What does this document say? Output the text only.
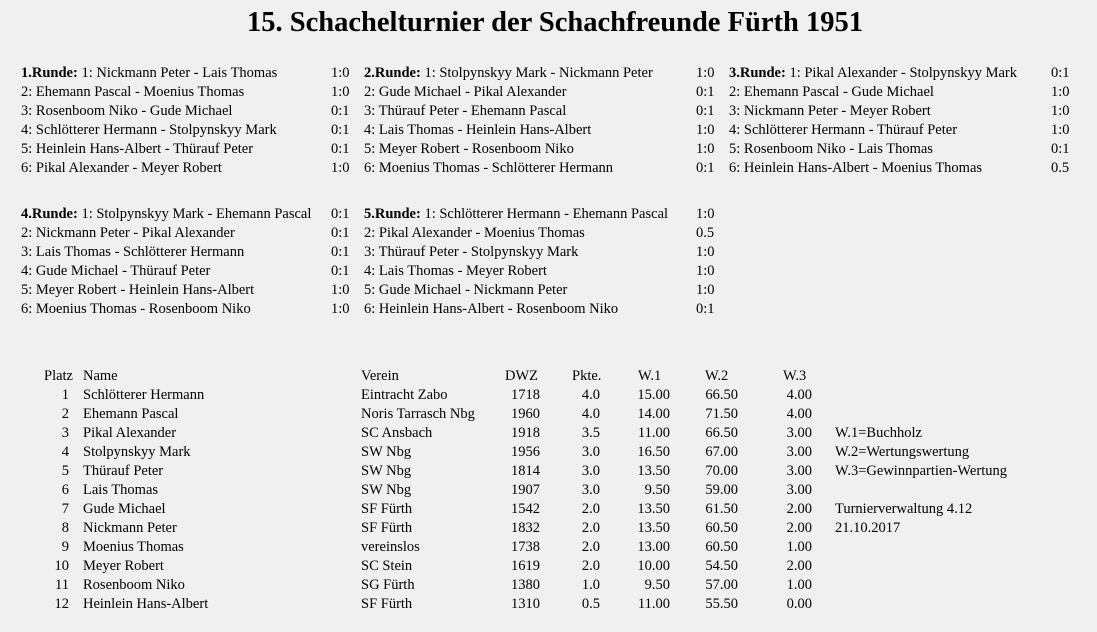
15. Schachelturnier der Schachfreunde Fürth 1951
1.Runde: 1: Nickmann Peter - Lais Thomas	1:0
2: Ehemann Pascal - Moenius Thomas	1:0
3: Rosenboom Niko - Gude Michael	0:1
4: Schlötterer Hermann - Stolpynskyy Mark	0:1
5: Heinlein Hans-Albert - Thürauf Peter	0:1
6: Pikal Alexander - Meyer Robert	1:0
2.Runde: 1: Stolpynskyy Mark - Nickmann Peter	1:0
2: Gude Michael - Pikal Alexander	0:1
3: Thürauf Peter - Ehemann Pascal	0:1
4: Lais Thomas - Heinlein Hans-Albert	1:0
5: Meyer Robert - Rosenboom Niko	1:0
6: Moenius Thomas - Schlötterer Hermann	0:1
3.Runde: 1: Pikal Alexander - Stolpynskyy Mark 0:1
2: Ehemann Pascal - Gude Michael	1:0
3: Nickmann Peter - Meyer Robert	1:0
4: Schlötterer Hermann - Thürauf Peter	1:0
5: Rosenboom Niko - Lais Thomas	0:1
6: Heinlein Hans-Albert - Moenius Thomas	0.5
4.Runde: 1: Stolpynskyy Mark - Ehemann Pascal 0:1
2: Nickmann Peter - Pikal Alexander	0:1
3: Lais Thomas - Schlötterer Hermann	0:1
4: Gude Michael - Thürauf Peter	0:1
5: Meyer Robert - Heinlein Hans-Albert	1:0
6: Moenius Thomas - Rosenboom Niko	1:0
5.Runde: 1: Schlötterer Hermann - Ehemann Pascal 1:0
2: Pikal Alexander - Moenius Thomas	0.5
3: Thürauf Peter - Stolpynskyy Mark	1:0
4: Lais Thomas - Meyer Robert	1:0
5: Gude Michael - Nickmann Peter	1:0
6: Heinlein Hans-Albert - Rosenboom Niko	0:1
Platz Name	Verein	DWZ Pkte.	W.1	W.2	W.3
1 Schlötterer Hermann	Eintracht Zabo	1718	4.0	15.00	66.50	4.00
2 Ehemann Pascal	Noris Tarrasch Nbg	1960	4.0	14.00	71.50	4.00
3 Pikal Alexander	SC Ansbach	1918	3.5	11.00	66.50	3.00
4 Stolpynskyy Mark	SW Nbg	1956	3.0	16.50	67.00	3.00
5 Thürauf Peter	SW Nbg	1814	3.0	13.50	70.00	3.00
6 Lais Thomas	SW Nbg	1907	3.0	9.50	59.00	3.00
7 Gude Michael	SF Fürth	1542	2.0	13.50	61.50	2.00
8 Nickmann Peter	SF Fürth	1832	2.0	13.50	60.50	2.00
9 Moenius Thomas	vereinslos	1738	2.0	13.00	60.50	1.00
10 Meyer Robert	SC Stein	1619	2.0	10.00	54.50	2.00
11 Rosenboom Niko	SG Fürth	1380	1.0	9.50	57.00	1.00
12 Heinlein Hans-Albert	SF Fürth	1310	0.5	11.00	55.50	0.00
W.1=Buchholz
W.2=Wertungswertung
W.3=Gewinnpartien-Wertung
Turnierverwaltung 4.12
21.10.2017
